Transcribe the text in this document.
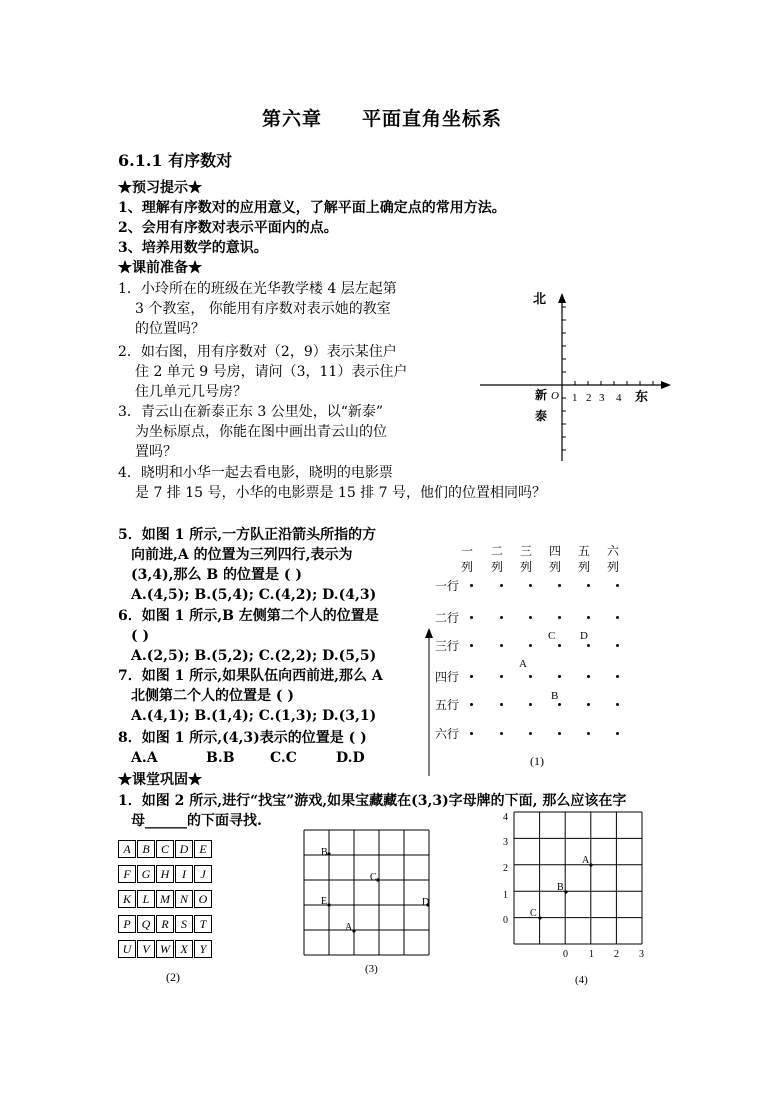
第六章　　平面直角坐标系
6.1.1 有序数对
★预习提示★
1、理解有序数对的应用意义，了解平面上确定点的常用方法。
2、会用有序数对表示平面内的点。
3、培养用数学的意识。
★课前准备★
1．小玲所在的班级在光华教学楼 4 层左起第
3 个教室， 你能用有序数对表示她的教室
的位置吗？
2．如右图，用有序数对（2，9）表示某住户
住 2 单元 9 号房，请问（3，11）表示住户
住几单元几号房？
3．青云山在新泰正东 3 公里处，以“新泰”
为坐标原点，你能在图中画出青云山的位
置吗？
4．晓明和小华一起去看电影，晓明的电影票
是 7 排 15 号，小华的电影票是 15 排 7 号，他们的位置相同吗？
北
东
O
新
泰
1 2 3 4
5．如图 1 所示,一方队正沿箭头所指的方
向前进,A 的位置为三列四行,表示为
(3,4),那么 B 的位置是 ( )
A.(4,5); B.(5,4); C.(4,2); D.(4,3)
6．如图 1 所示,B 左侧第二个人的位置是
( )
A.(2,5); B.(5,2); C.(2,2); D.(5,5)
7．如图 1 所示,如果队伍向西前进,那么 A
北侧第二个人的位置是 ( )
A.(4,1); B.(1,4); C.(1,3); D.(3,1)
8．如图 1 所示,(4,3)表示的位置是 ( )
A.A	B.B	C.C	D.D
一
列
二
列
三
列
四
列
五
列
六
列
一行
二行
三行
四行
五行
六行
C D
A
B
(1)
★课堂巩固★
1．如图 2 所示,进行“找宝”游戏,如果宝藏藏在(3,3)字母牌的下面, 那么应该在字
母______的下面寻找.
A B C D E
F G H	I	J
K L M N O
P Q R	S	T
U V W X Y
(2)
B
C
E	D
A
(3)
A
B
C
4
3
2
1
0
0 1 2 3
(4)
